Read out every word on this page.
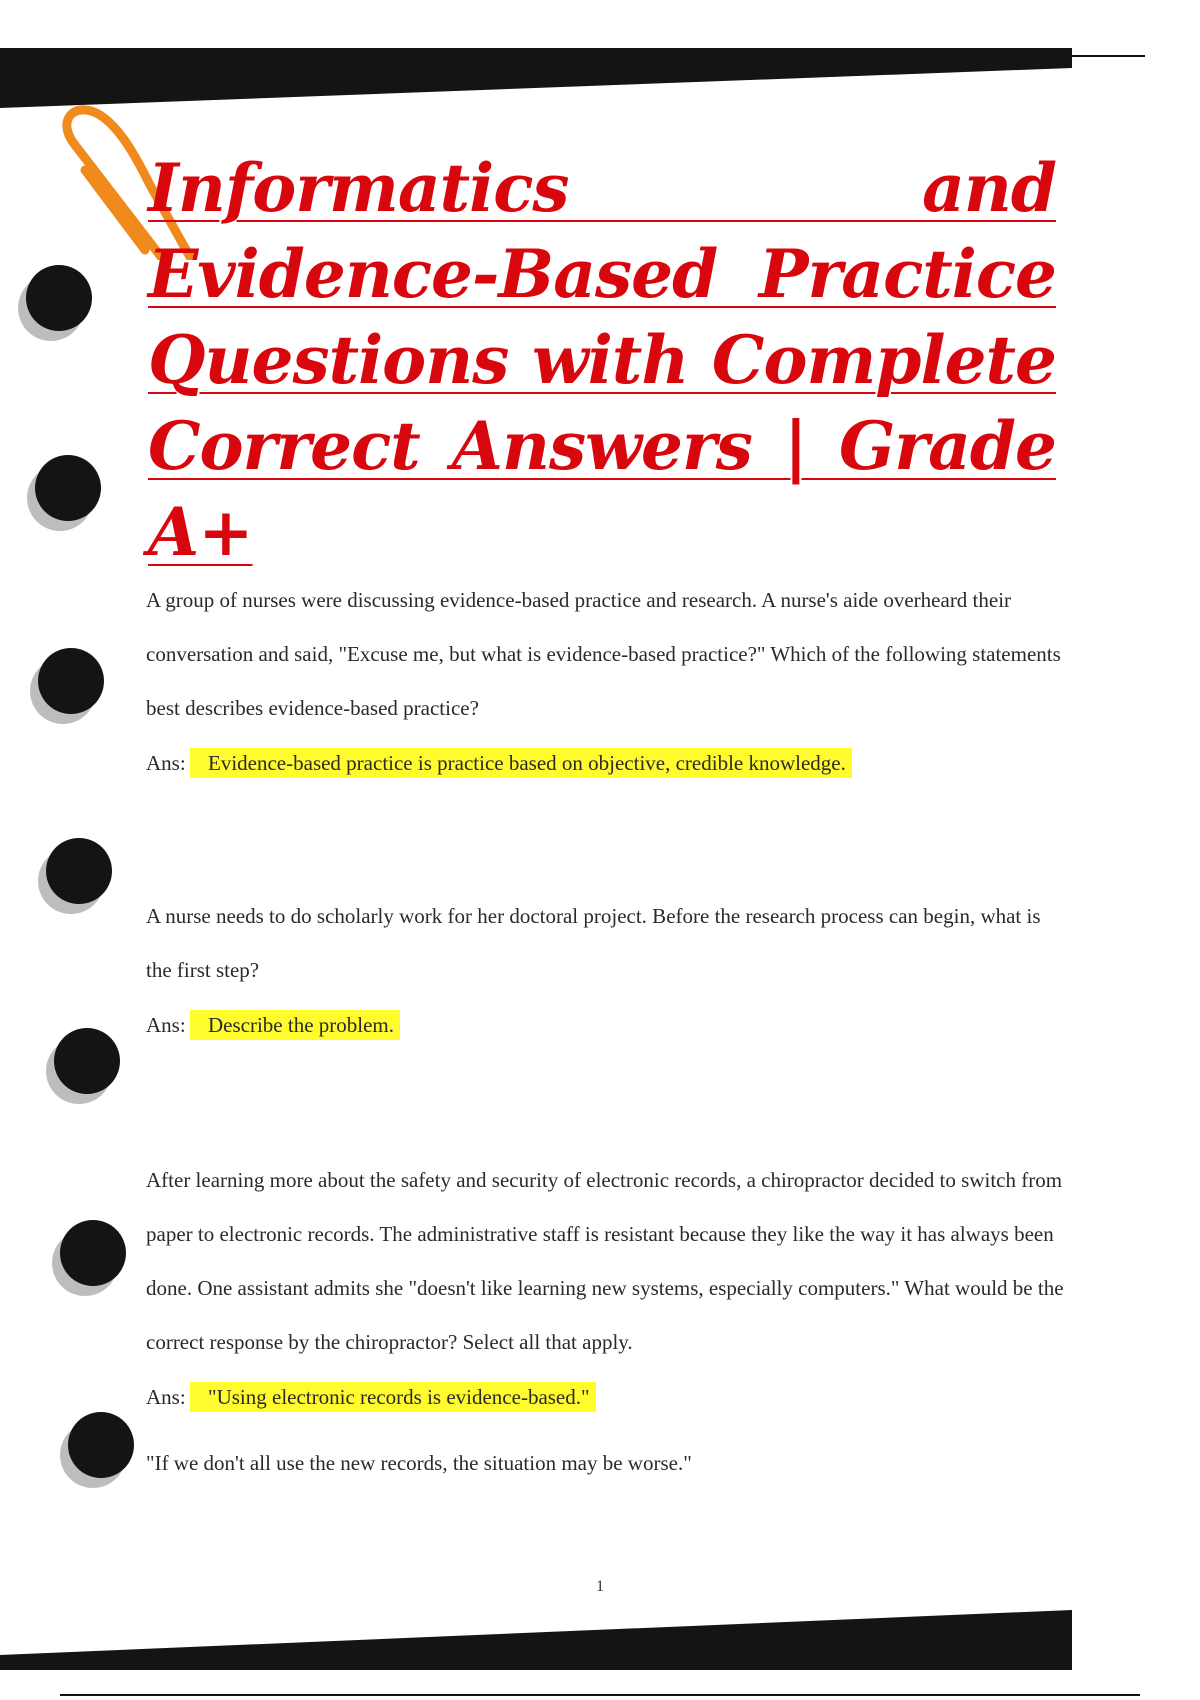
Informatics and Evidence-Based Practice Questions with Complete Correct Answers | Grade A+

A group of nurses were discussing evidence-based practice and research. A nurse's aide overheard their conversation and said, "Excuse me, but what is evidence-based practice?" Which of the following statements best describes evidence-based practice?

Ans: Evidence-based practice is practice based on objective, credible knowledge.

A nurse needs to do scholarly work for her doctoral project. Before the research process can begin, what is the first step?

Ans: Describe the problem.

After learning more about the safety and security of electronic records, a chiropractor decided to switch from paper to electronic records. The administrative staff is resistant because they like the way it has always been done. One assistant admits she "doesn't like learning new systems, especially computers." What would be the correct response by the chiropractor? Select all that apply.

Ans: "Using electronic records is evidence-based."

"If we don't all use the new records, the situation may be worse."

1
